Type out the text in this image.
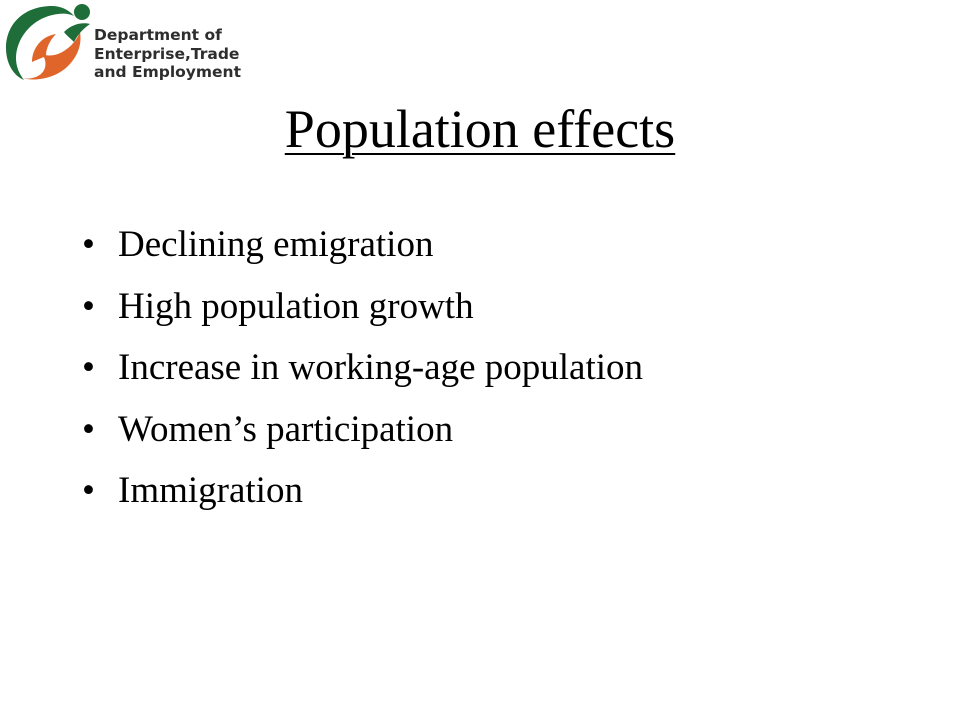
Department of
Enterprise,Trade
and Employment
Population effects
• Declining emigration
• High population growth
• Increase in working-age population
• Women’s participation
• Immigration
